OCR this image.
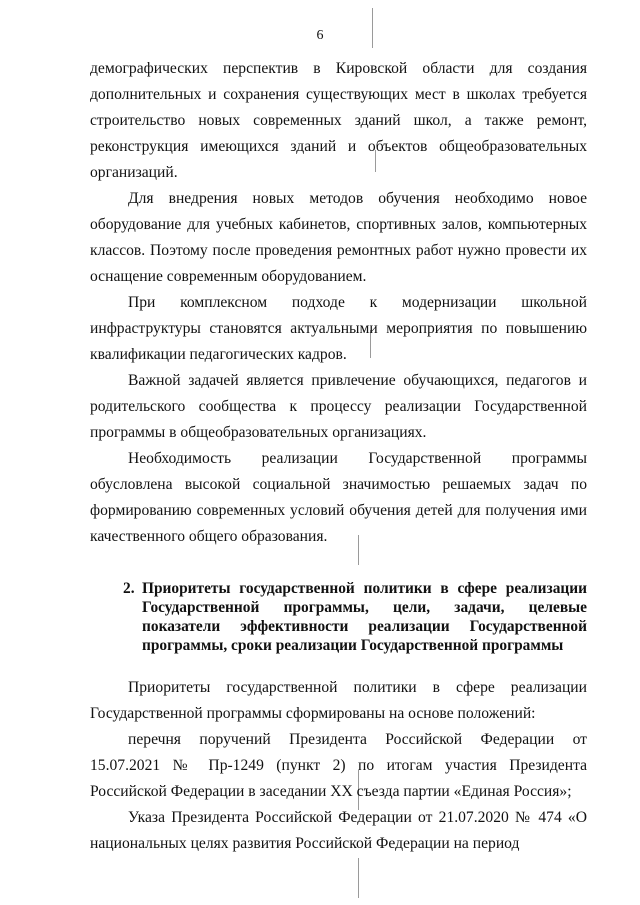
6

демографических перспектив в Кировской области для создания дополнительных и сохранения существующих мест в школах требуется строительство новых современных зданий школ, а также ремонт, реконструкция имеющихся зданий и объектов общеобразовательных организаций.

Для внедрения новых методов обучения необходимо новое оборудование для учебных кабинетов, спортивных залов, компьютерных классов. Поэтому после проведения ремонтных работ нужно провести их оснащение современным оборудованием.

При комплексном подходе к модернизации школьной инфраструктуры становятся актуальными мероприятия по повышению квалификации педагогических кадров.

Важной задачей является привлечение обучающихся, педагогов и родительского сообщества к процессу реализации Государственной программы в общеобразовательных организациях.

Необходимость реализации Государственной программы обусловлена высокой социальной значимостью решаемых задач по формированию современных условий обучения детей для получения ими качественного общего образования.

2. Приоритеты государственной политики в сфере реализации Государственной программы, цели, задачи, целевые показатели эффективности реализации Государственной программы, сроки реализации Государственной программы

Приоритеты государственной политики в сфере реализации Государственной программы сформированы на основе положений:

перечня поручений Президента Российской Федерации от 15.07.2021 № Пр-1249 (пункт 2) по итогам участия Президента Российской Федерации в заседании XX съезда партии «Единая Россия»;

Указа Президента Российской Федерации от 21.07.2020 № 474 «О национальных целях развития Российской Федерации на период
